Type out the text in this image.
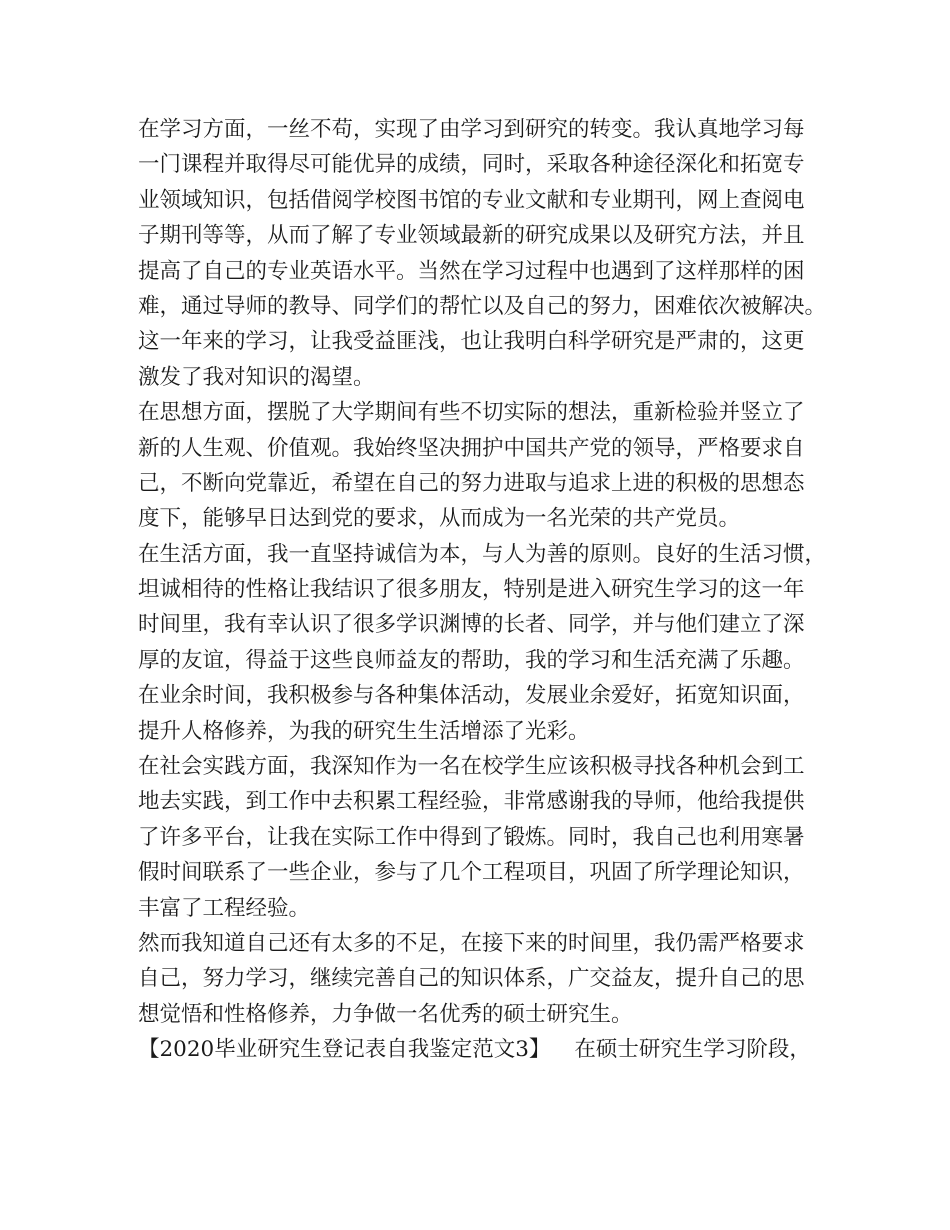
在学习方面，一丝不苟，实现了由学习到研究的转变。我认真地学习每
一门课程并取得尽可能优异的成绩，同时，采取各种途径深化和拓宽专
业领域知识，包括借阅学校图书馆的专业文献和专业期刊，网上查阅电
子期刊等等，从而了解了专业领域最新的研究成果以及研究方法，并且
提高了自己的专业英语水平。当然在学习过程中也遇到了这样那样的困
难，通过导师的教导、同学们的帮忙以及自己的努力，困难依次被解决。
这一年来的学习，让我受益匪浅，也让我明白科学研究是严肃的，这更
激发了我对知识的渴望。
在思想方面，摆脱了大学期间有些不切实际的想法，重新检验并竖立了
新的人生观、价值观。我始终坚决拥护中国共产党的领导，严格要求自
己，不断向党靠近，希望在自己的努力进取与追求上进的积极的思想态
度下，能够早日达到党的要求，从而成为一名光荣的共产党员。
在生活方面，我一直坚持诚信为本，与人为善的原则。良好的生活习惯，
坦诚相待的性格让我结识了很多朋友，特别是进入研究生学习的这一年
时间里，我有幸认识了很多学识渊博的长者、同学，并与他们建立了深
厚的友谊，得益于这些良师益友的帮助，我的学习和生活充满了乐趣。
在业余时间，我积极参与各种集体活动，发展业余爱好，拓宽知识面，
提升人格修养，为我的研究生生活增添了光彩。
在社会实践方面，我深知作为一名在校学生应该积极寻找各种机会到工
地去实践，到工作中去积累工程经验，非常感谢我的导师，他给我提供
了许多平台，让我在实际工作中得到了锻炼。同时，我自己也利用寒暑
假时间联系了一些企业，参与了几个工程项目，巩固了所学理论知识，
丰富了工程经验。
然而我知道自己还有太多的不足，在接下来的时间里，我仍需严格要求
自己，努力学习，继续完善自己的知识体系，广交益友，提升自己的思
想觉悟和性格修养，力争做一名优秀的硕士研究生。
【2020毕业研究生登记表自我鉴定范文3】 在硕士研究生学习阶段，
